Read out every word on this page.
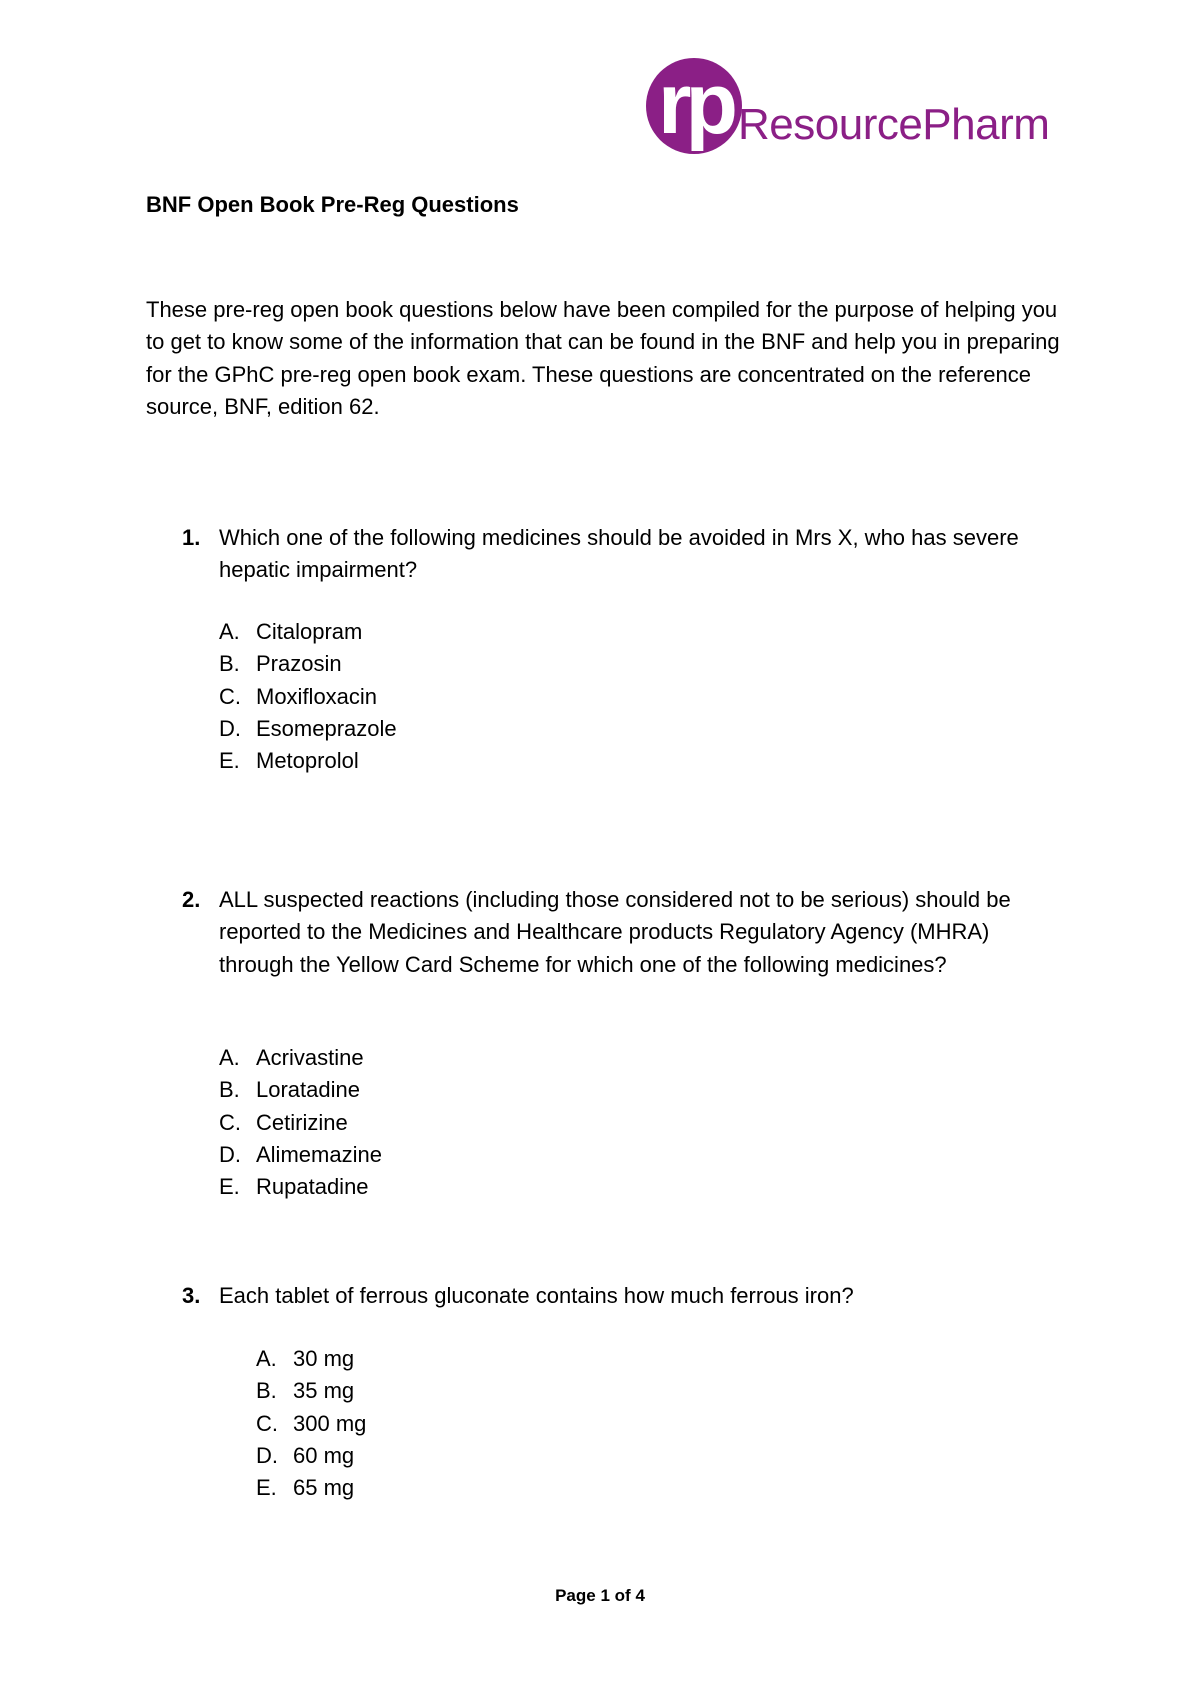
rp ResourcePharm
BNF Open Book Pre-Reg Questions

These pre-reg open book questions below have been compiled for the purpose of helping you to get to know some of the information that can be found in the BNF and help you in preparing for the GPhC pre-reg open book exam. These questions are concentrated on the reference source, BNF, edition 62.

1. Which one of the following medicines should be avoided in Mrs X, who has severe hepatic impairment?

A. Citalopram
B. Prazosin
C. Moxifloxacin
D. Esomeprazole
E. Metoprolol
2. ALL suspected reactions (including those considered not to be serious) should be reported to the Medicines and Healthcare products Regulatory Agency (MHRA) through the Yellow Card Scheme for which one of the following medicines?

A. Acrivastine
B. Loratadine
C. Cetirizine
D. Alimemazine
E. Rupatadine
3. Each tablet of ferrous gluconate contains how much ferrous iron?

A. 30 mg
B. 35 mg
C. 300 mg
D. 60 mg
E. 65 mg
Page 1 of 4
